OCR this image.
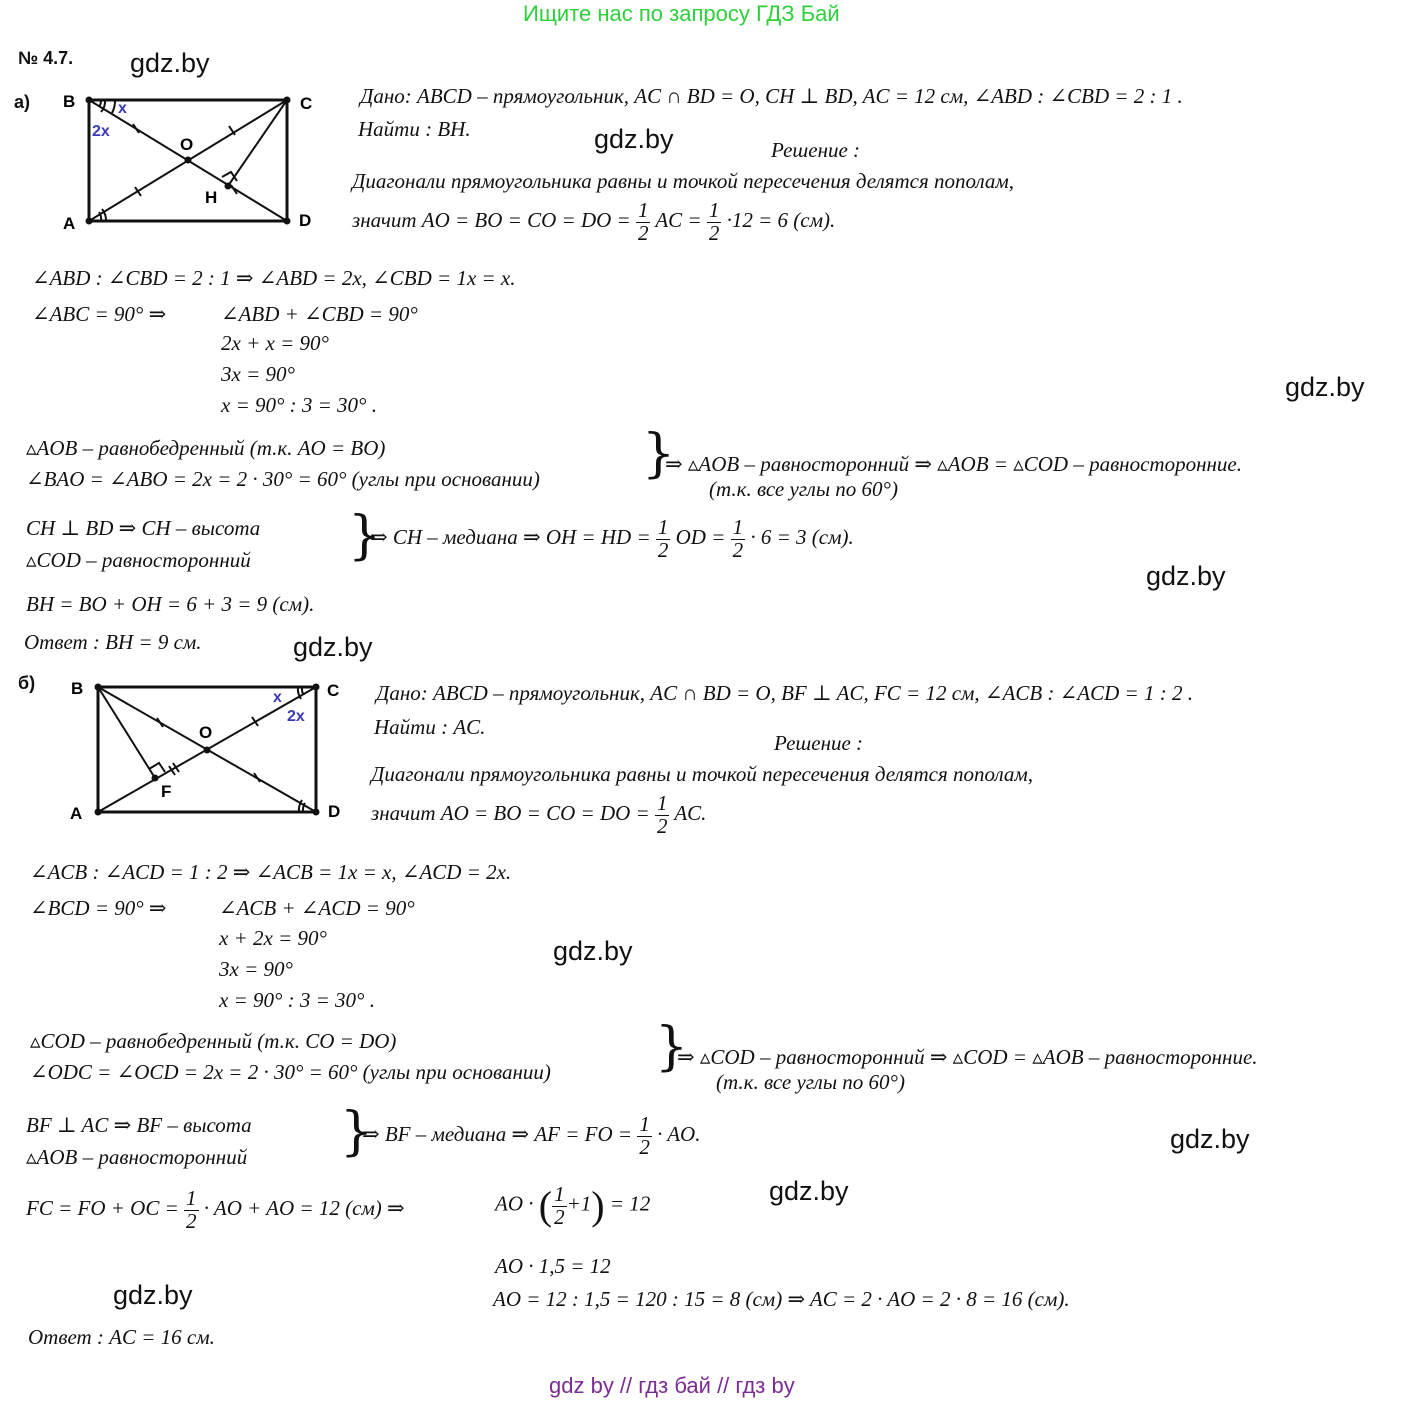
Ищите нас по запросу ГДЗ Бай
№ 4.7.
gdz by // гдз бай // гдз by
gdz.by
gdz.by
gdz.by
gdz.by
gdz.by
gdz.by
gdz.by
gdz.by
gdz.by
а) B	C
A	D
O
H
x
2x
Дано: ABCD – прямоугольник, AC ∩ BD = O, CH ⊥ BD, AC = 12 см, ∠ABD : ∠CBD = 2 : 1 .
Найти : BH.
Решение :
Диагонали прямоугольника равны и точкой пересечения делятся пополам,
значит AO = BO = CO = DO = $\frac{1}{2}$ AC = $\frac{1}{2} \cdot 12 = 6$ (см).
∠ABD : ∠CBD = 2 : 1 ⇒ ∠ABD = 2x, ∠CBD = 1x = x.
∠ABC = 90° ⇒	∠ABD + ∠CBD = 90°
2x + x = 90°
3x = 90°
x = 90° : 3 = 30° .
▵AOB – равнобедренный (т.к. AO = BO)
∠BAO = ∠ABO = 2x = 2 · 30° = 60° (углы при основании) }
⇒ ▵AOB – равносторонний ⇒ ▵AOB = ▵COD – равносторонние.
(т.к. все углы по 60°)
CH ⊥ BD ⇒ CH – высота
▵COD – равносторонний }
⇒ CH – медиана ⇒ OH = HD = $\frac{1}{2}$ OD = $\frac{1}{2} \cdot 6 = 3$ (см).
BH = BO + OH = 6 + 3 = 9 (см).
Ответ : BH = 9 см.
б) B	C
A	D
O
F
x
2x
Дано: ABCD – прямоугольник, AC ∩ BD = O, BF ⊥ AC, FC = 12 см, ∠ACB : ∠ACD = 1 : 2 .
Найти : AC.
Решение :
Диагонали прямоугольника равны и точкой пересечения делятся пополам,
значит AO = BO = CO = DO = $\frac{1}{2}$ AC.
∠ACB : ∠ACD = 1 : 2 ⇒ ∠ACB = 1x = x, ∠ACD = 2x.
∠BCD = 90° ⇒ ∠ACB + ∠ACD = 90°
x + 2x = 90°
3x = 90°
x = 90° : 3 = 30° .
▵COD – равнобедренный (т.к. CO = DO)
∠ODC = ∠OCD = 2x = 2 · 30° = 60° (углы при основании) }
⇒ ▵COD – равносторонний ⇒ ▵COD = ▵AOB – равносторонние.
(т.к. все углы по 60°)
BF ⊥ AC ⇒ BF – высота
▵AOB – равносторонний }
⇒ BF – медиана ⇒ AF = FO = $\frac{1}{2}$ · AO.
FC = FO + OC = $\frac{1}{2}$ · AO + AO = 12 (см) ⇒	AO · ( $\frac{1}{2} +1) = 12$
AO · 1,5 = 12
AO = 12 : 1,5 = 120 : 15 = 8 (см) ⇒ AC = 2 · AO = 2 · 8 = 16 (см).
Ответ : AC = 16 см.
